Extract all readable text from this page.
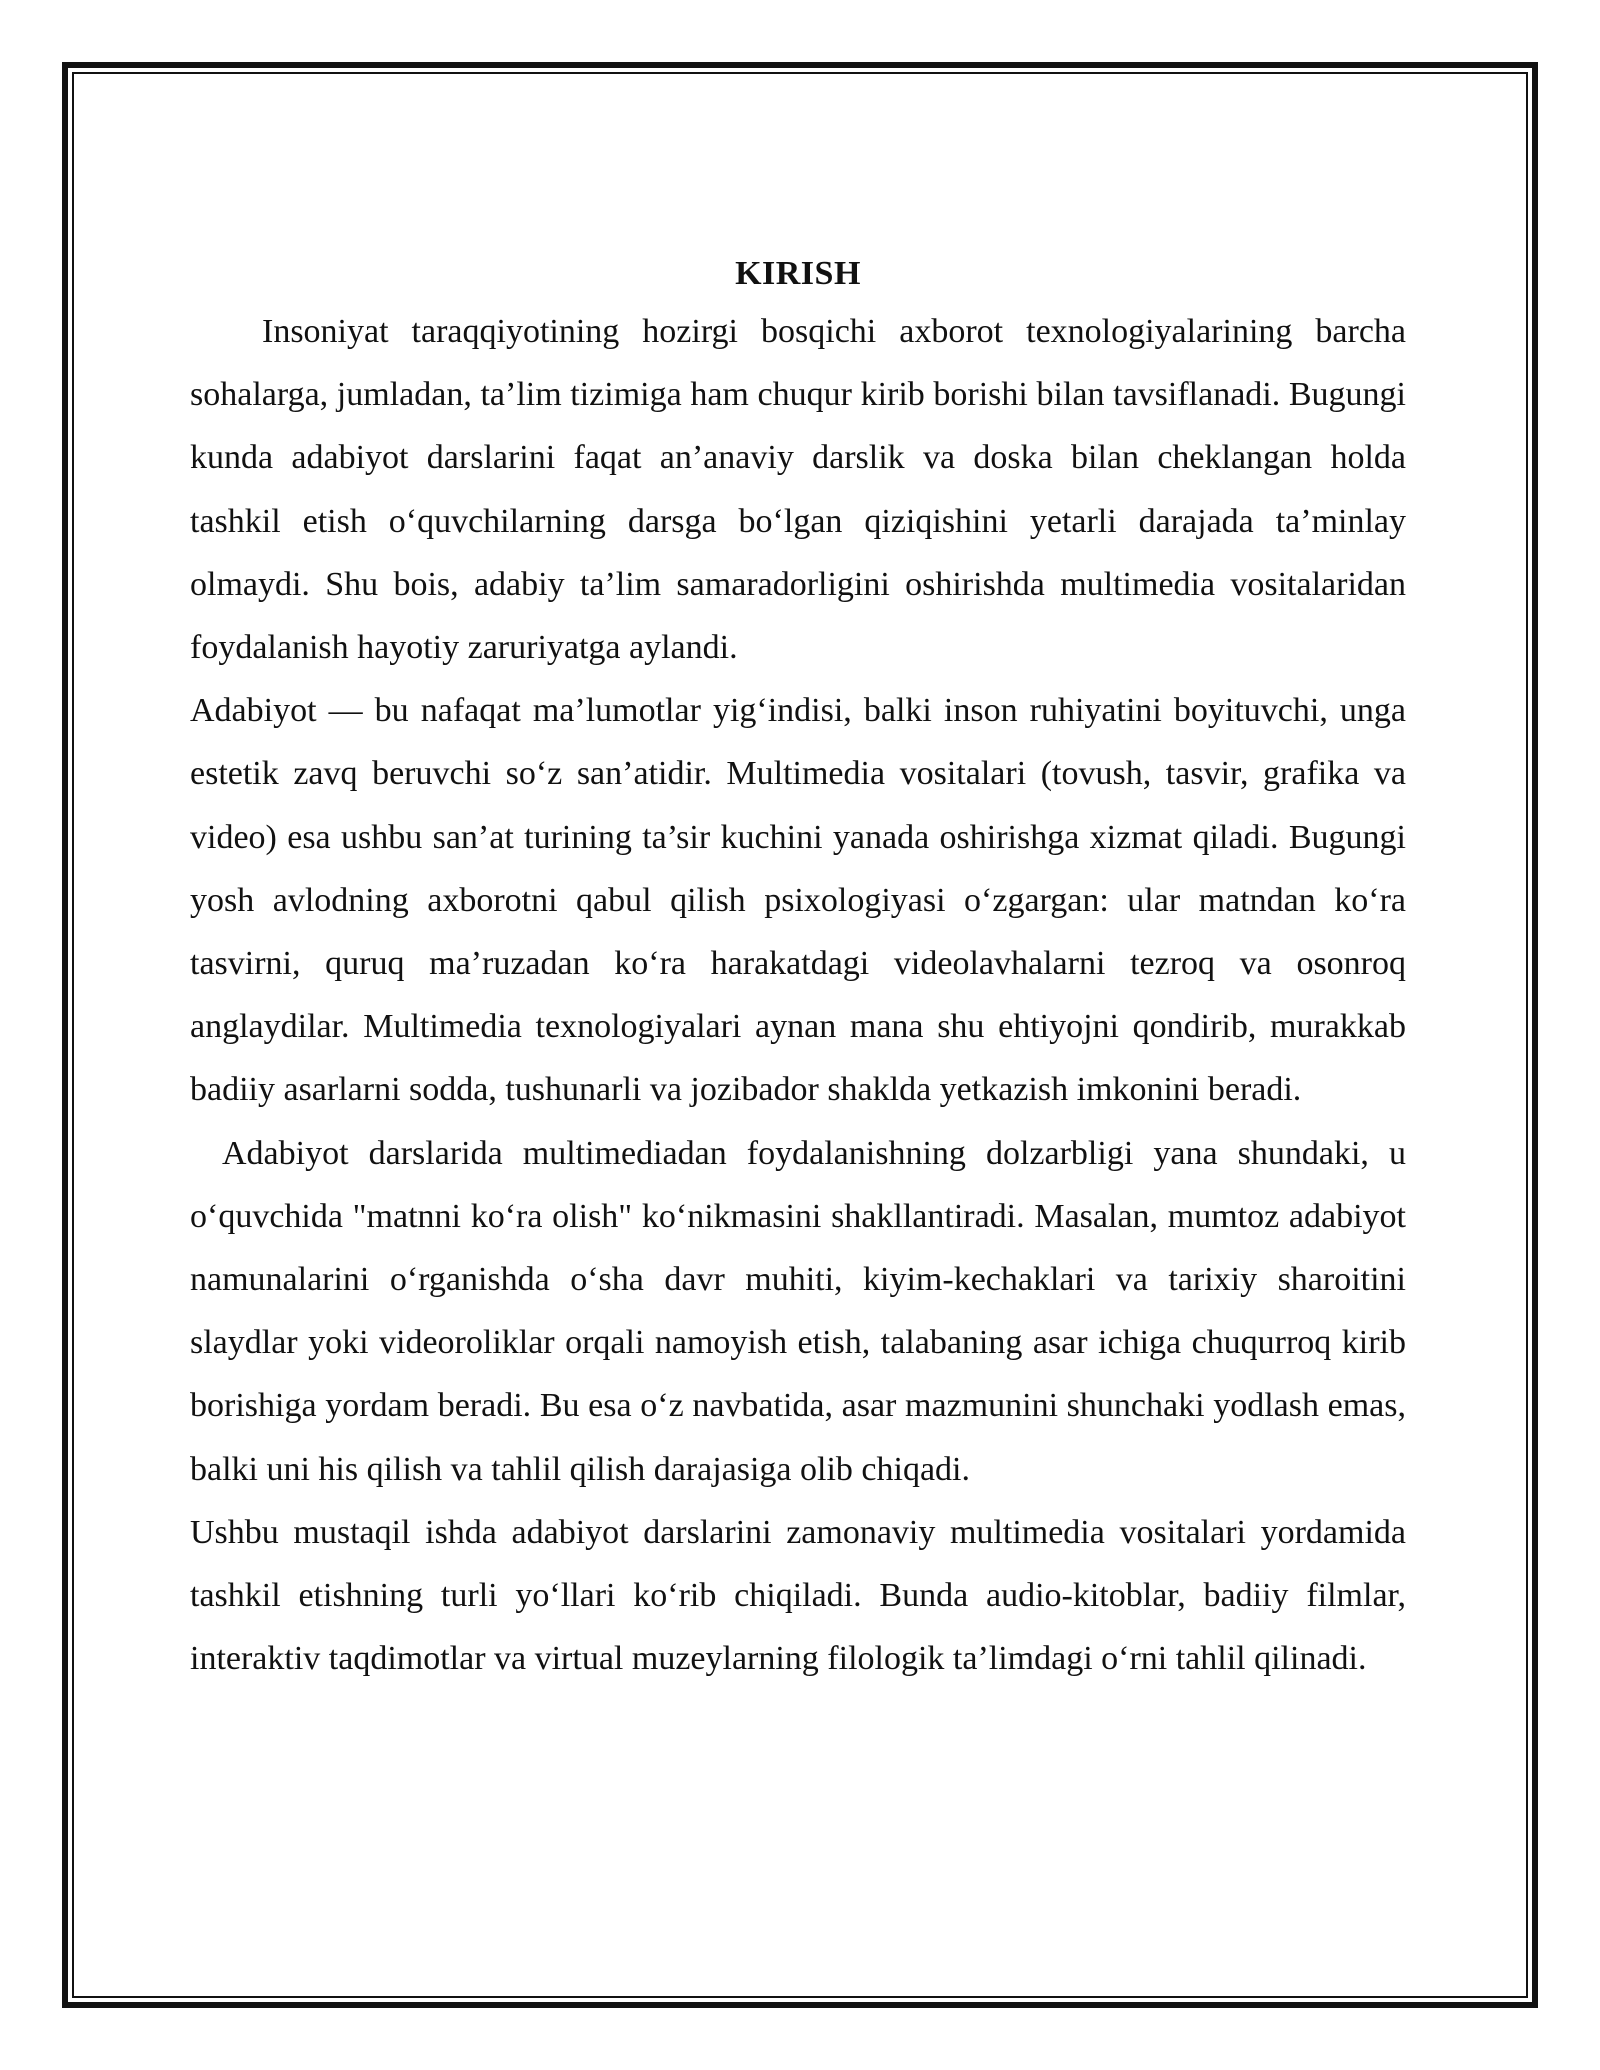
KIRISH

Insoniyat taraqqiyotining hozirgi bosqichi axborot texnologiyalarining barcha sohalarga, jumladan, ta’lim tizimiga ham chuqur kirib borishi bilan tavsiflanadi. Bugungi kunda adabiyot darslarini faqat an’anaviy darslik va doska bilan cheklangan holda tashkil etish o‘quvchilarning darsga bo‘lgan qiziqishini yetarli darajada ta’minlay olmaydi. Shu bois, adabiy ta’lim samaradorligini oshirishda multimedia vositalaridan foydalanish hayotiy zaruriyatga aylandi.

Adabiyot — bu nafaqat ma’lumotlar yig‘indisi, balki inson ruhiyatini boyituvchi, unga estetik zavq beruvchi so‘z san’atidir. Multimedia vositalari (tovush, tasvir, grafika va video) esa ushbu san’at turining ta’sir kuchini yanada oshirishga xizmat qiladi. Bugungi yosh avlodning axborotni qabul qilish psixologiyasi o‘zgargan: ular matndan ko‘ra tasvirni, quruq ma’ruzadan ko‘ra harakatdagi videolavhalarni tezroq va osonroq anglaydilar. Multimedia texnologiyalari aynan mana shu ehtiyojni qondirib, murakkab badiiy asarlarni sodda, tushunarli va jozibador shaklda yetkazish imkonini beradi.

Adabiyot darslarida multimediadan foydalanishning dolzarbligi yana shundaki, u o‘quvchida "matnni ko‘ra olish" ko‘nikmasini shakllantiradi. Masalan, mumtoz adabiyot namunalarini o‘rganishda o‘sha davr muhiti, kiyim-kechaklari va tarixiy sharoitini slaydlar yoki videoroliklar orqali namoyish etish, talabaning asar ichiga chuqurroq kirib borishiga yordam beradi. Bu esa o‘z navbatida, asar mazmunini shunchaki yodlash emas, balki uni his qilish va tahlil qilish darajasiga olib chiqadi.

Ushbu mustaqil ishda adabiyot darslarini zamonaviy multimedia vositalari yordamida tashkil etishning turli yo‘llari ko‘rib chiqiladi. Bunda audio-kitoblar, badiiy filmlar, interaktiv taqdimotlar va virtual muzeylarning filologik ta’limdagi o‘rni tahlil qilinadi.
